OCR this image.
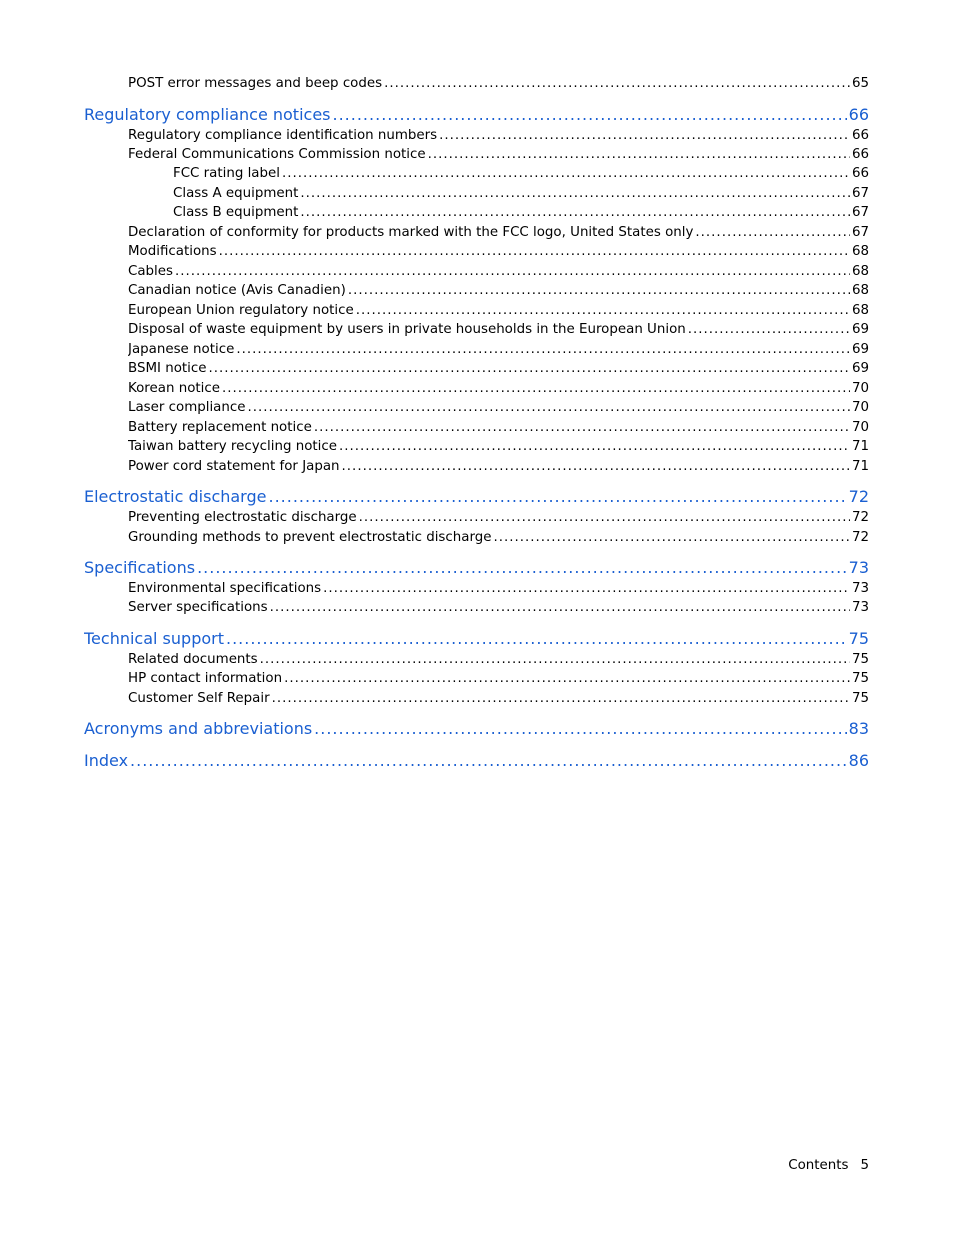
POST error messages and beep codes .....	65
Regulatory compliance notices .....	66
Regulatory compliance identification numbers .....	66
Federal Communications Commission notice .....	66
FCC rating label .....	66
Class A equipment .....	67
Class B equipment .....	67
Declaration of conformity for products marked with the FCC logo, United States only .....	67
Modifications .....	68
Cables .....	68
Canadian notice (Avis Canadien) .....	68
European Union regulatory notice .....	68
Disposal of waste equipment by users in private households in the European Union .....	69
Japanese notice .....	69
BSMI notice .....	69
Korean notice .....	70
Laser compliance .....	70
Battery replacement notice .....	70
Taiwan battery recycling notice .....	71
Power cord statement for Japan .....	71
Electrostatic discharge .....	72
Preventing electrostatic discharge .....	72
Grounding methods to prevent electrostatic discharge .....	72
Specifications .....	73
Environmental specifications .....	73
Server specifications .....	73
Technical support .....	75
Related documents .....	75
HP contact information .....	75
Customer Self Repair .....	75
Acronyms and abbreviations .....	83
Index .....	86
Contents 5
